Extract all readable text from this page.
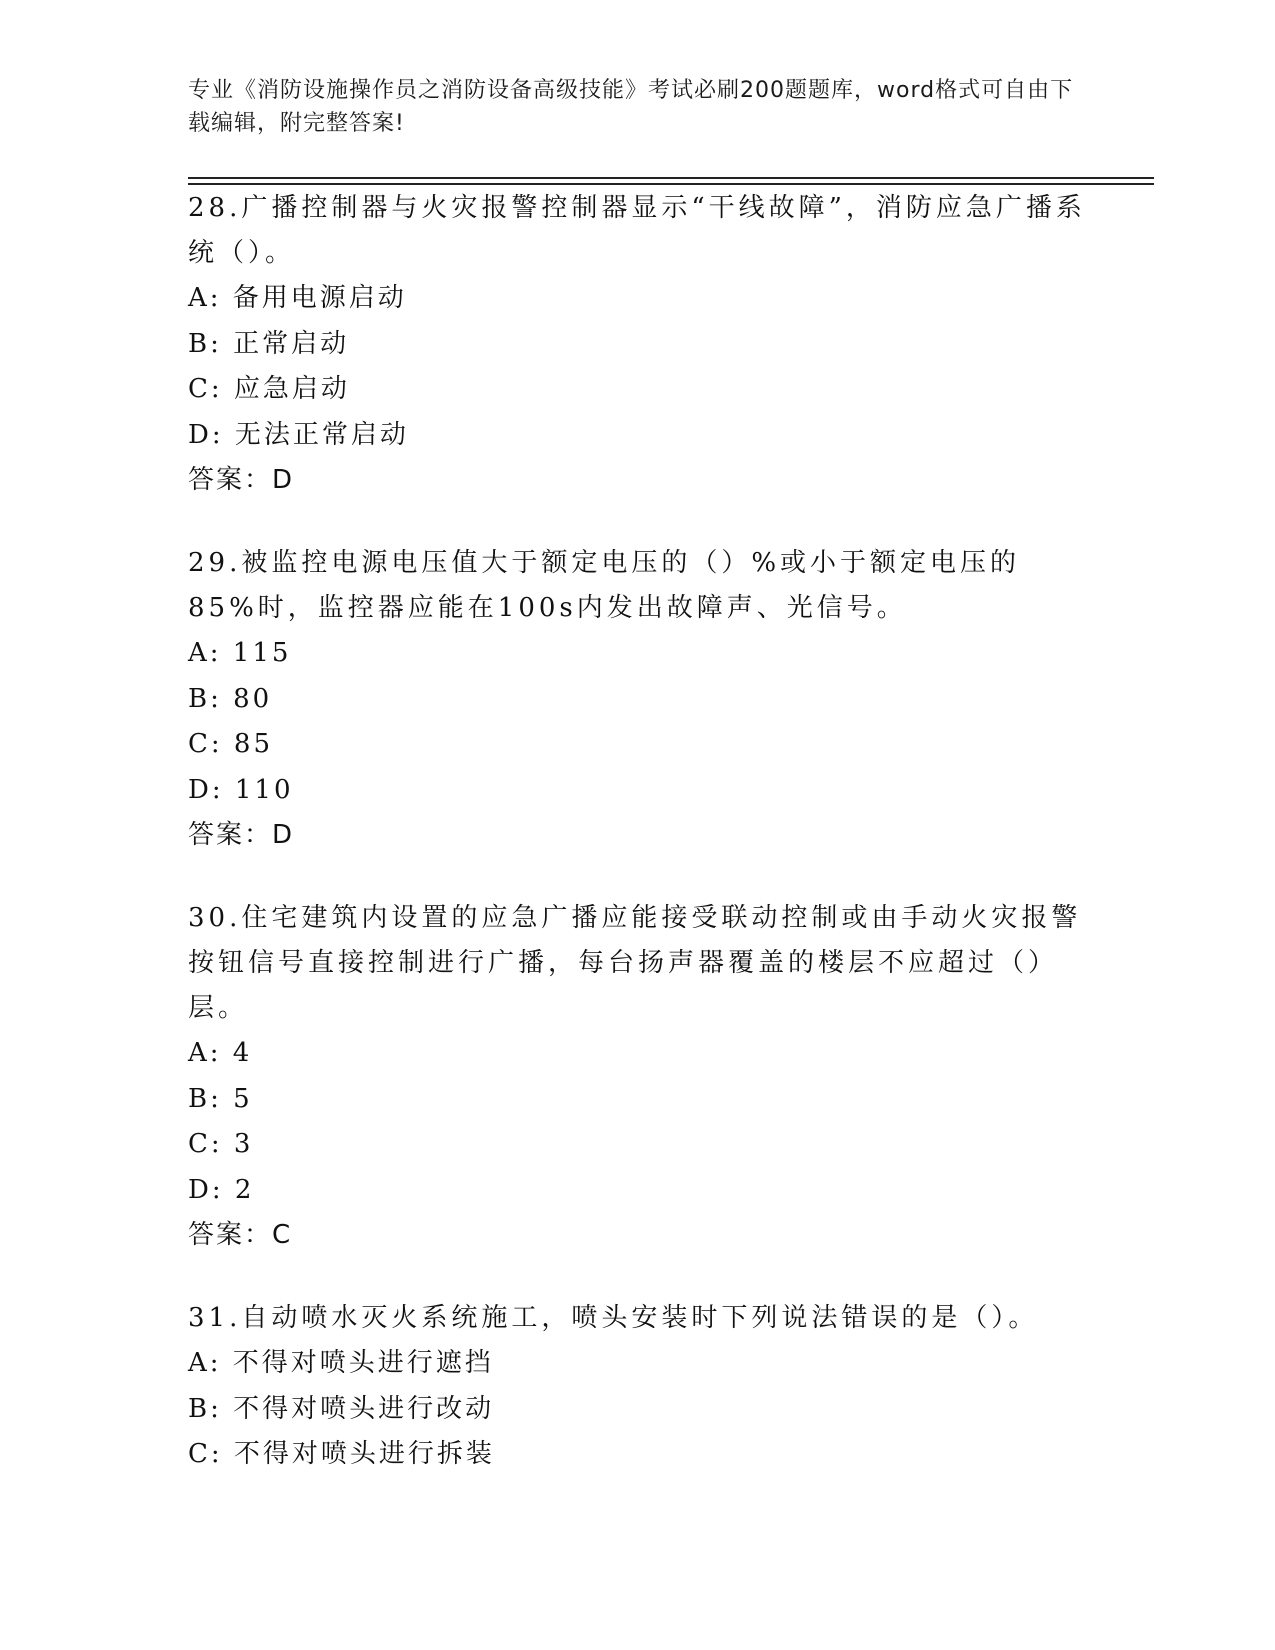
专业《消防设施操作员之消防设备高级技能》考试必刷200题题库，word格式可自由下载编辑，附完整答案!

28.广播控制器与火灾报警控制器显示“干线故障”，消防应急广播系统（）。

A: 备用电源启动

B: 正常启动

C: 应急启动

D: 无法正常启动

答案：D

29.被监控电源电压值大于额定电压的（）%或小于额定电压的85%时，监控器应能在100s内发出故障声、光信号。

A: 115

B: 80

C: 85

D: 110

答案：D

30.住宅建筑内设置的应急广播应能接受联动控制或由手动火灾报警按钮信号直接控制进行广播，每台扬声器覆盖的楼层不应超过（）层。

A: 4

B: 5

C: 3

D: 2

答案：C

31.自动喷水灭火系统施工，喷头安装时下列说法错误的是（）。

A: 不得对喷头进行遮挡

B: 不得对喷头进行改动

C: 不得对喷头进行拆装
